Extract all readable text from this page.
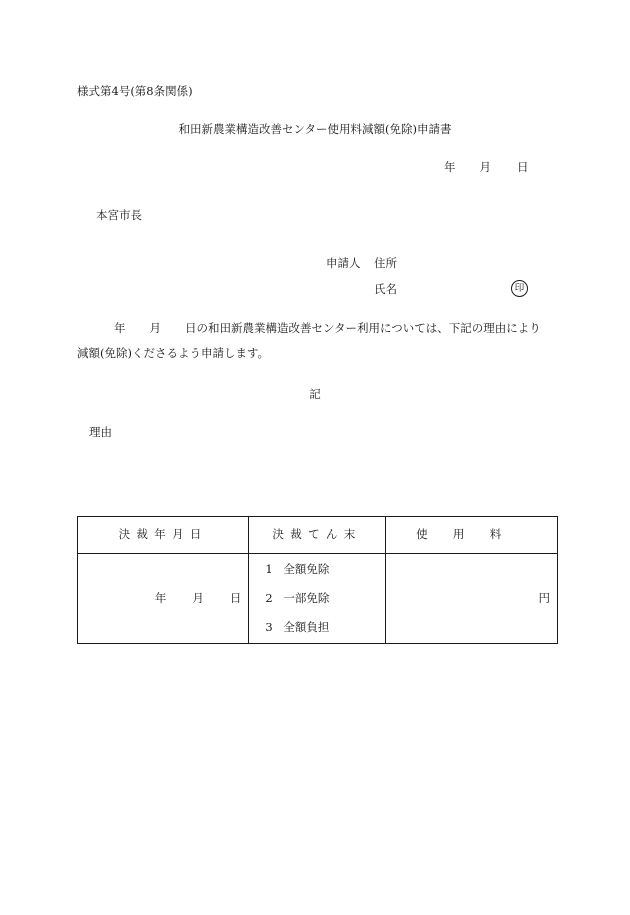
様式第4号(第8条関係)
和田新農業構造改善センター使用料減額(免除)申請書
年 月 日
本宮市長
申請人 住所
氏名	印
年 月 日の和田新農業構造改善センター利用については、下記の理由により
減額(免除)くださるよう申請します。
記
理由
決裁年月日	決裁てん末	使用料
年 月 日	1 全額免除
2 一部免除
3 全額負担	円
